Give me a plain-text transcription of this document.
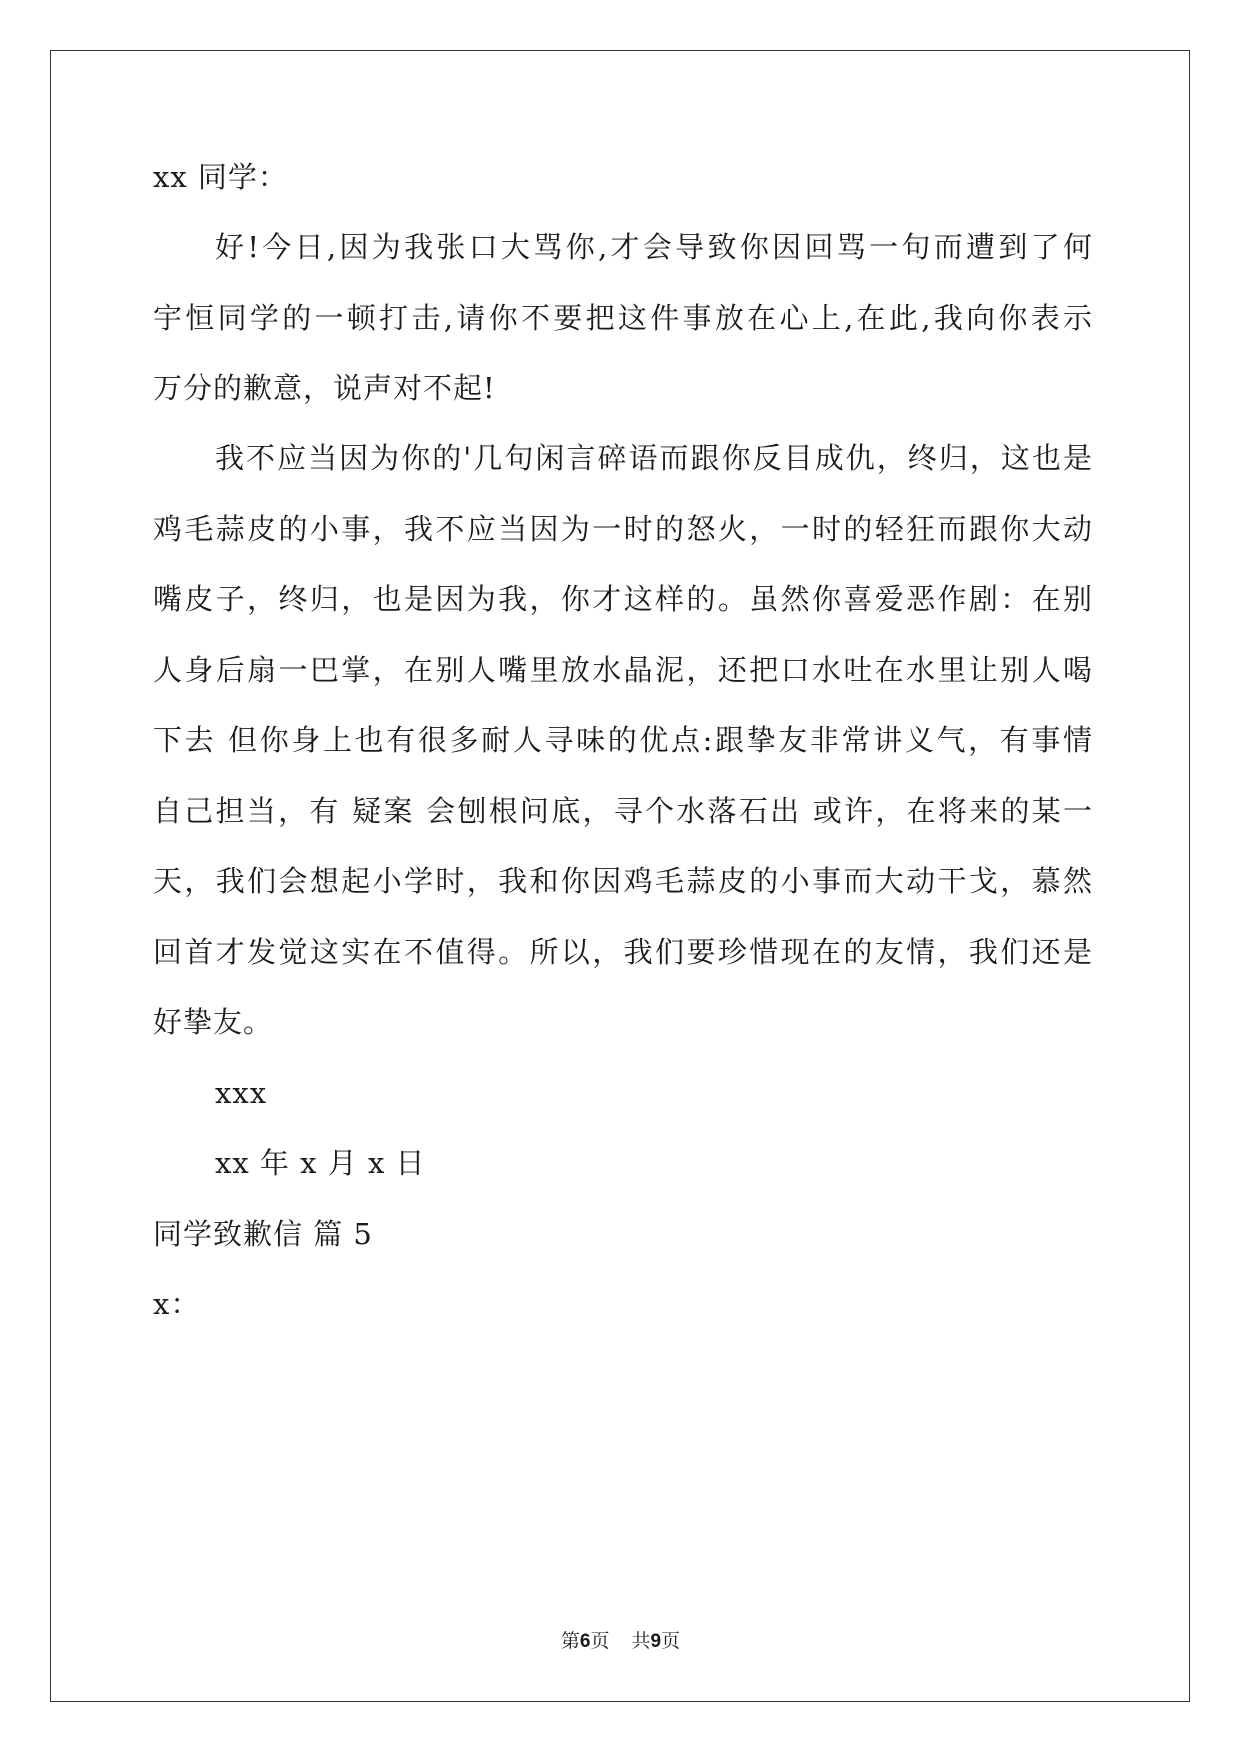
xx 同学：
好!今日,因为我张口大骂你,才会导致你因回骂一句而遭到了何
宇恒同学的一顿打击,请你不要把这件事放在心上,在此,我向你表示
万分的歉意，说声对不起!
我不应当因为你的'几句闲言碎语而跟你反目成仇，终归，这也是
鸡毛蒜皮的小事，我不应当因为一时的怒火，一时的轻狂而跟你大动
嘴皮子，终归，也是因为我，你才这样的。虽然你喜爱恶作剧：在别
人身后扇一巴掌，在别人嘴里放水晶泥，还把口水吐在水里让别人喝
下去 但你身上也有很多耐人寻味的优点:跟挚友非常讲义气，有事情
自己担当，有 疑案 会刨根问底，寻个水落石出 或许，在将来的某一
天，我们会想起小学时，我和你因鸡毛蒜皮的小事而大动干戈，慕然
回首才发觉这实在不值得。所以，我们要珍惜现在的友情，我们还是
好挚友。
xxx
xx 年 x 月 x 日
同学致歉信 篇 5
x：
第6页 共9页
